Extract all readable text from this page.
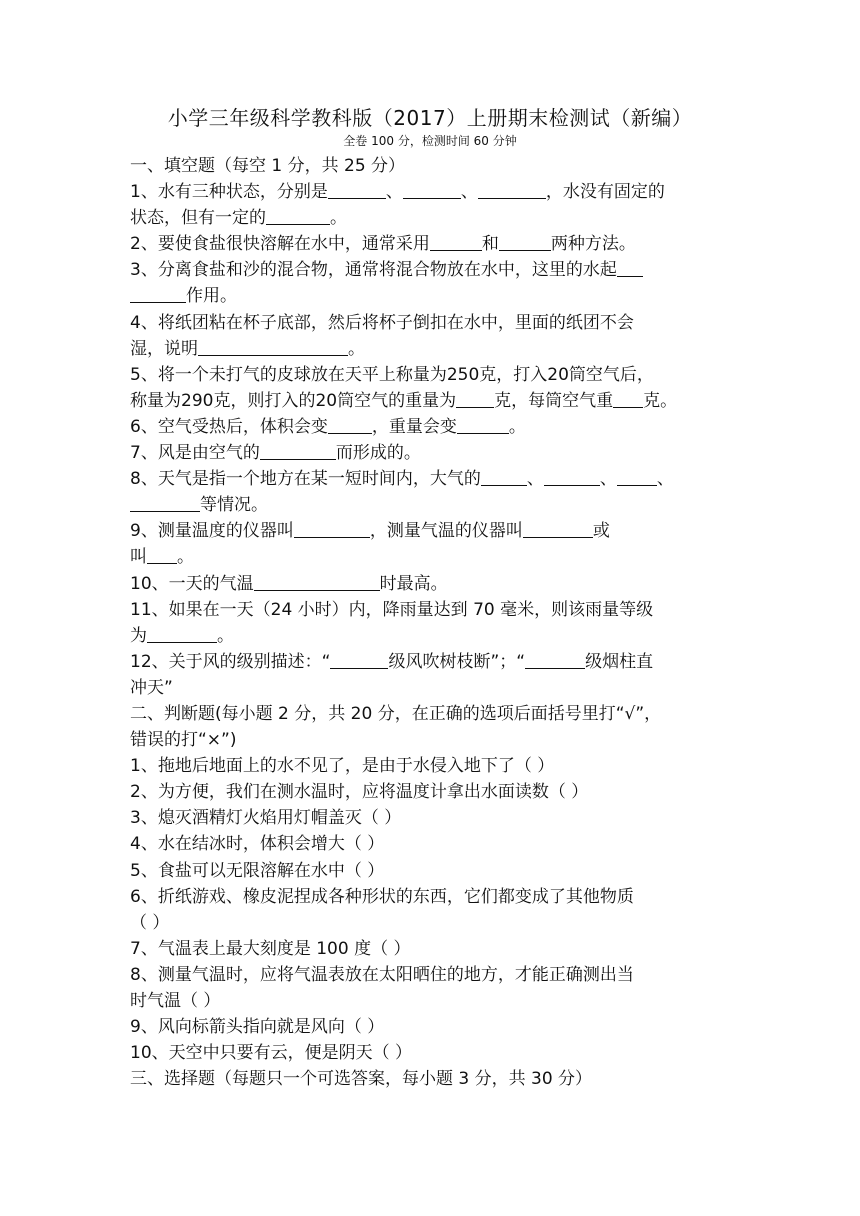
小学三年级科学教科版（2017）上册期末检测试（新编）
全卷 100 分，检测时间 60 分钟
一、填空题（每空 1 分，共 25 分）
1、水有三种状态，分别是	、	、	，水没有固定的
状态，但有一定的	。
2、要使食盐很快溶解在水中，通常采用	和	两种方法。
3、分离食盐和沙的混合物，通常将混合物放在水中，这里的水起
作用。
4、将纸团粘在杯子底部，然后将杯子倒扣在水中，里面的纸团不会
湿，说明	。
5、将一个未打气的皮球放在天平上称量为250克，打入20筒空气后，
称量为290克，则打入的20筒空气的重量为 克，每筒空气重 克。
6、空气受热后，体积会变	，重量会变	。
7、风是由空气的	而形成的。
8、天气是指一个地方在某一短时间内，大气的	、	、 、
等情况。
9、测量温度的仪器叫	，测量气温的仪器叫	或
叫 。
10、一天的气温	时最高。
11、如果在一天（24 小时）内，降雨量达到 70 毫米，则该雨量等级
为	。
12、关于风的级别描述：“	级风吹树枝断”；“	级烟柱直
冲天”
二、判断题(每小题 2 分，共 20 分，在正确的选项后面括号里打“√”，
错误的打“×”)
1、拖地后地面上的水不见了，是由于水侵入地下了（ ）
2、为方便，我们在测水温时，应将温度计拿出水面读数（ ）
3、熄灭酒精灯火焰用灯帽盖灭（ ）
4、水在结冰时，体积会增大（ ）
5、食盐可以无限溶解在水中（ ）
6、折纸游戏、橡皮泥捏成各种形状的东西，它们都变成了其他物质
（ ）
7、气温表上最大刻度是 100 度（ ）
8、测量气温时，应将气温表放在太阳晒住的地方，才能正确测出当
时气温（ ）
9、风向标箭头指向就是风向（ ）
10、天空中只要有云，便是阴天（ ）
三、选择题（每题只一个可选答案，每小题 3 分，共 30 分）
